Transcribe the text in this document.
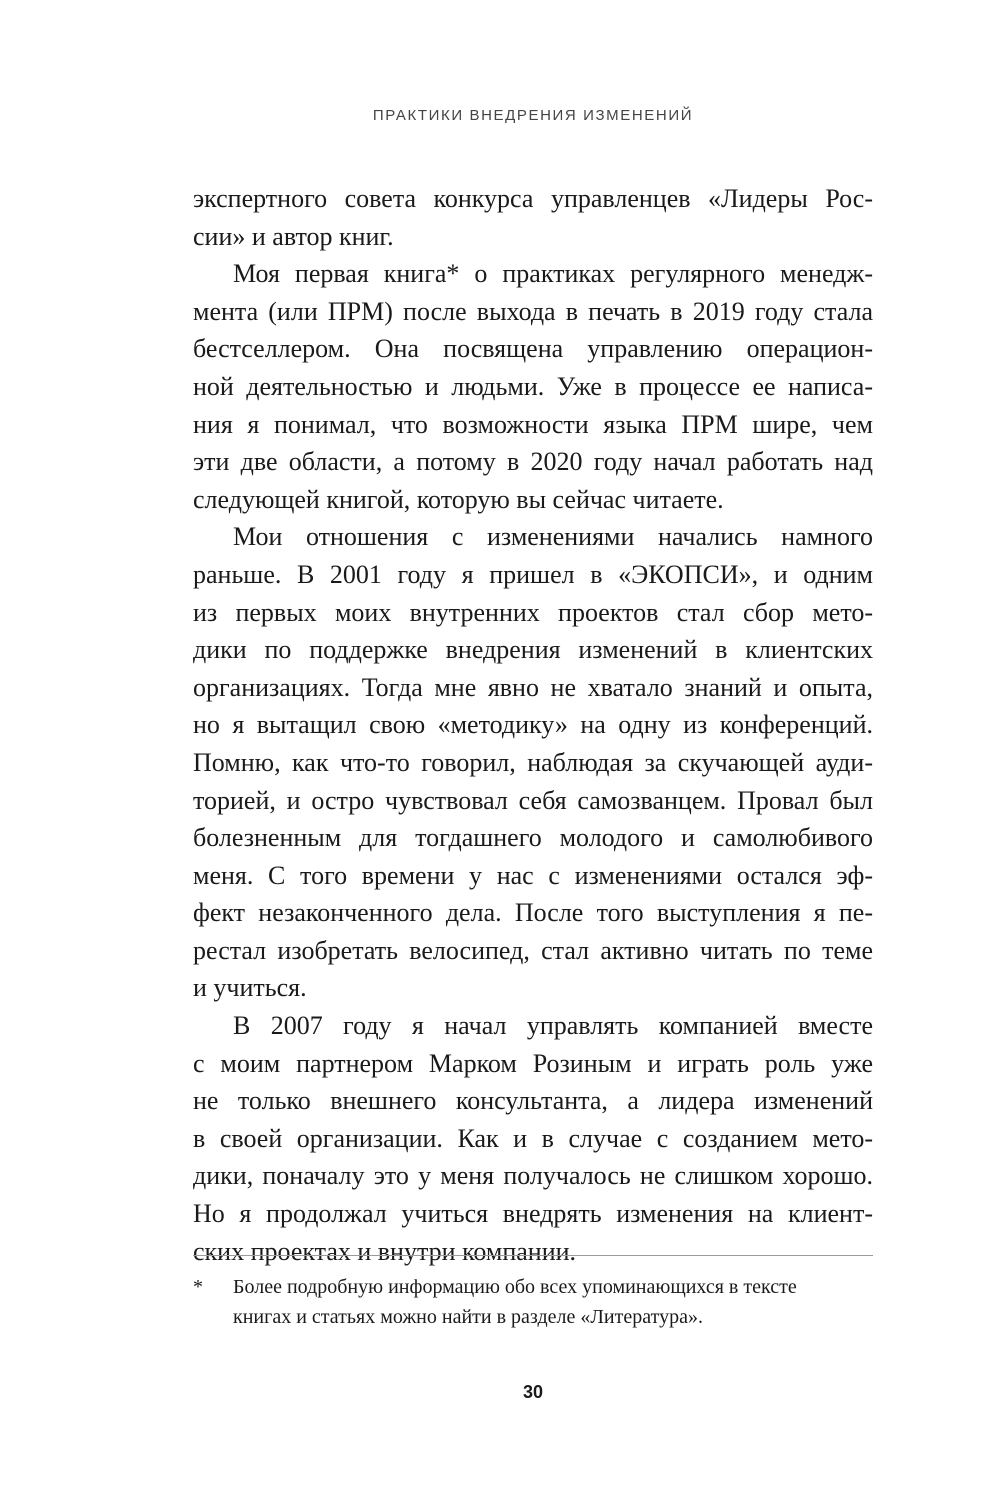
ПРАКТИКИ ВНЕДРЕНИЯ ИЗМЕНЕНИЙ

экспертного совета конкурса управленцев «Лидеры Рос-
сии» и автор книг.

Моя первая книга* о практиках регулярного менедж-
мента (или ПРМ) после выхода в печать в 2019 году стала
бестселлером. Она посвящена управлению операцион-
ной деятельностью и людьми. Уже в процессе ее написа-
ния я понимал, что возможности языка ПРМ шире, чем
эти две области, а потому в 2020 году начал работать над
следующей книгой, которую вы сейчас читаете.

Мои отношения с изменениями начались намного
раньше. В 2001 году я пришел в «ЭКОПСИ», и одним
из первых моих внутренних проектов стал сбор мето-
дики по поддержке внедрения изменений в клиентских
организациях. Тогда мне явно не хватало знаний и опыта,
но я вытащил свою «методику» на одну из конференций.
Помню, как что-то говорил, наблюдая за скучающей ауди-
торией, и остро чувствовал себя самозванцем. Провал был
болезненным для тогдашнего молодого и самолюбивого
меня. С того времени у нас с изменениями остался эф-
фект незаконченного дела. После того выступления я пе-
рестал изобретать велосипед, стал активно читать по теме
и учиться.

В 2007 году я начал управлять компанией вместе
с моим партнером Марком Розиным и играть роль уже
не только внешнего консультанта, а лидера изменений
в своей организации. Как и в случае с созданием мето-
дики, поначалу это у меня получалось не слишком хорошо.
Но я продолжал учиться внедрять изменения на клиент-
ских проектах и внутри компании.

* Более подробную информацию обо всех упоминающихся в тексте
книгах и статьях можно найти в разделе «Литература».
30
